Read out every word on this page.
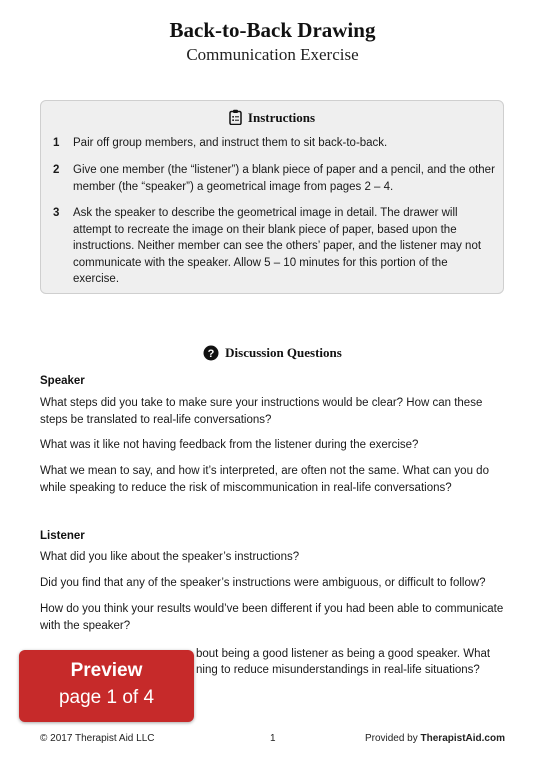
Back-to-Back Drawing
Communication Exercise
Instructions
1	Pair off group members, and instruct them to sit back-to-back.
2	Give one member (the “listener”) a blank piece of paper and a pencil, and the other member (the “speaker”) a geometrical image from pages 2 – 4.
3	Ask the speaker to describe the geometrical image in detail. The drawer will attempt to recreate the image on their blank piece of paper, based upon the instructions. Neither member can see the others’ paper, and the listener may not communicate with the speaker. Allow 5 – 10 minutes for this portion of the exercise.
? Discussion Questions
Speaker
What steps did you take to make sure your instructions would be clear? How can these steps be translated to real-life conversations?
What was it like not having feedback from the listener during the exercise?
What we mean to say, and how it’s interpreted, are often not the same. What can you do while speaking to reduce the risk of miscommunication in real-life conversations?
Listener
What did you like about the speaker’s instructions?
Did you find that any of the speaker’s instructions were ambiguous, or difficult to follow?
How do you think your results would’ve been different if you had been able to communicate with the speaker?
bout being a good listener as being a good speaker. What
ning to reduce misunderstandings in real-life situations?
Preview
page 1 of 4
© 2017 Therapist Aid LLC	1	Provided by TherapistAid.com
